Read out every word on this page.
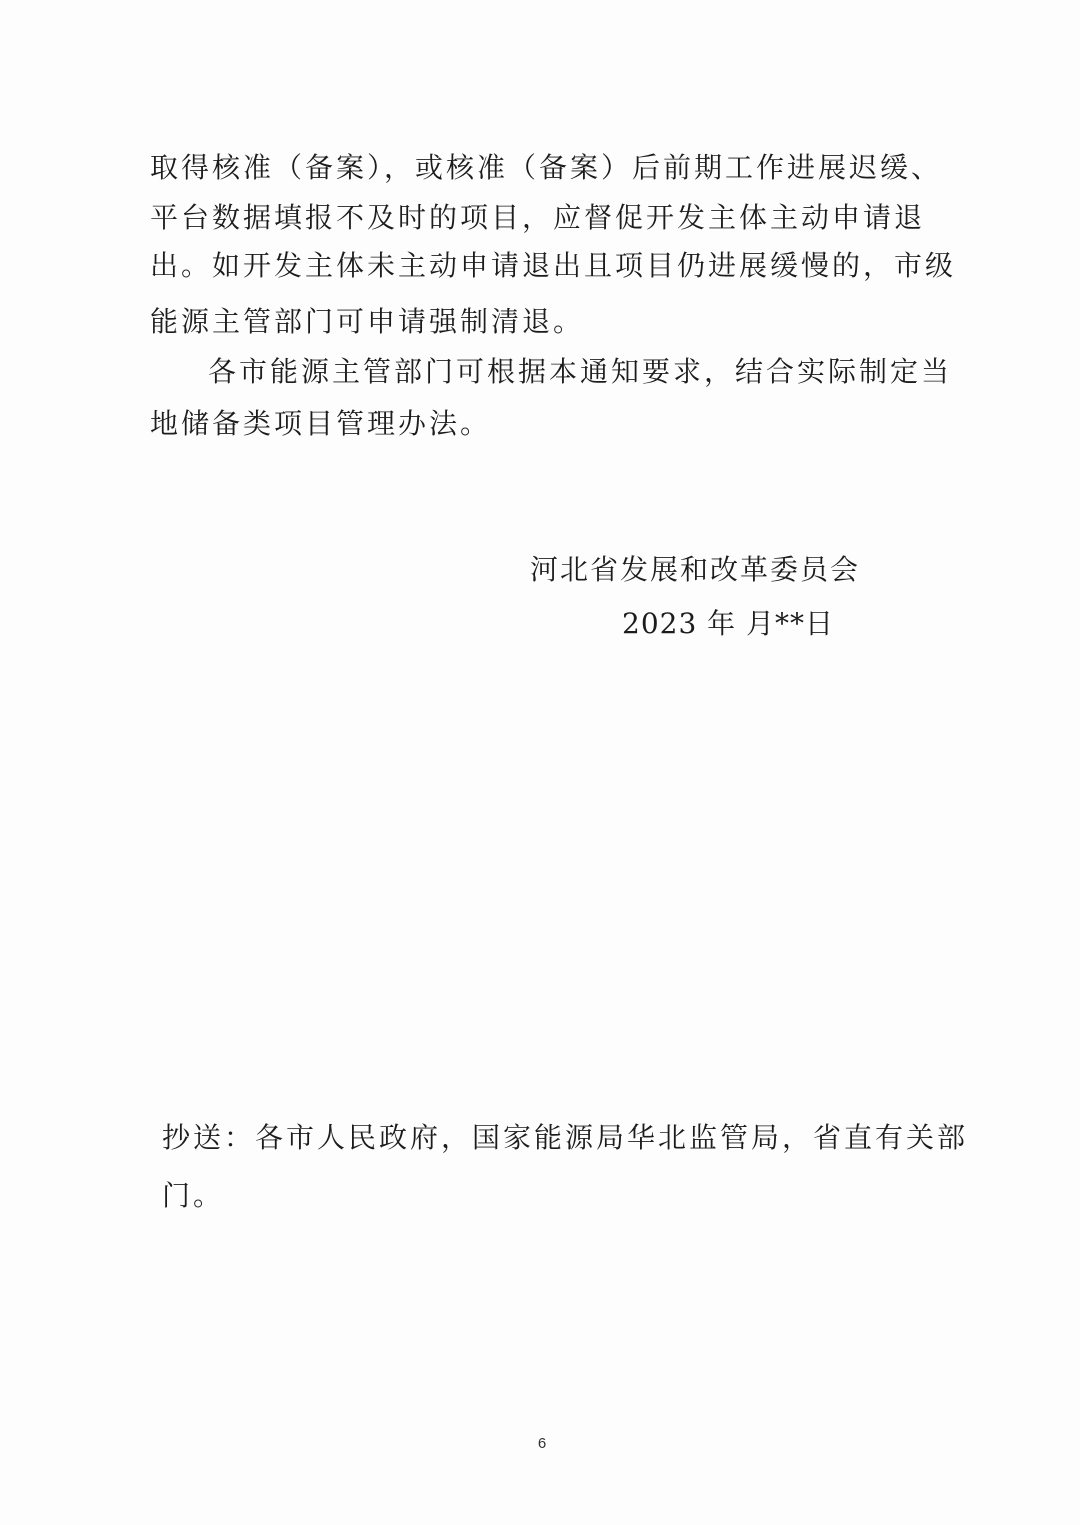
取得核准（备案），或核准（备案）后前期工作进展迟缓、
平台数据填报不及时的项目，应督促开发主体主动申请退
出。如开发主体未主动申请退出且项目仍进展缓慢的，市级
能源主管部门可申请强制清退。
各市能源主管部门可根据本通知要求，结合实际制定当
地储备类项目管理办法。
河北省发展和改革委员会
2023 年 月**日
抄送：各市人民政府，国家能源局华北监管局，省直有关部
门。
6
